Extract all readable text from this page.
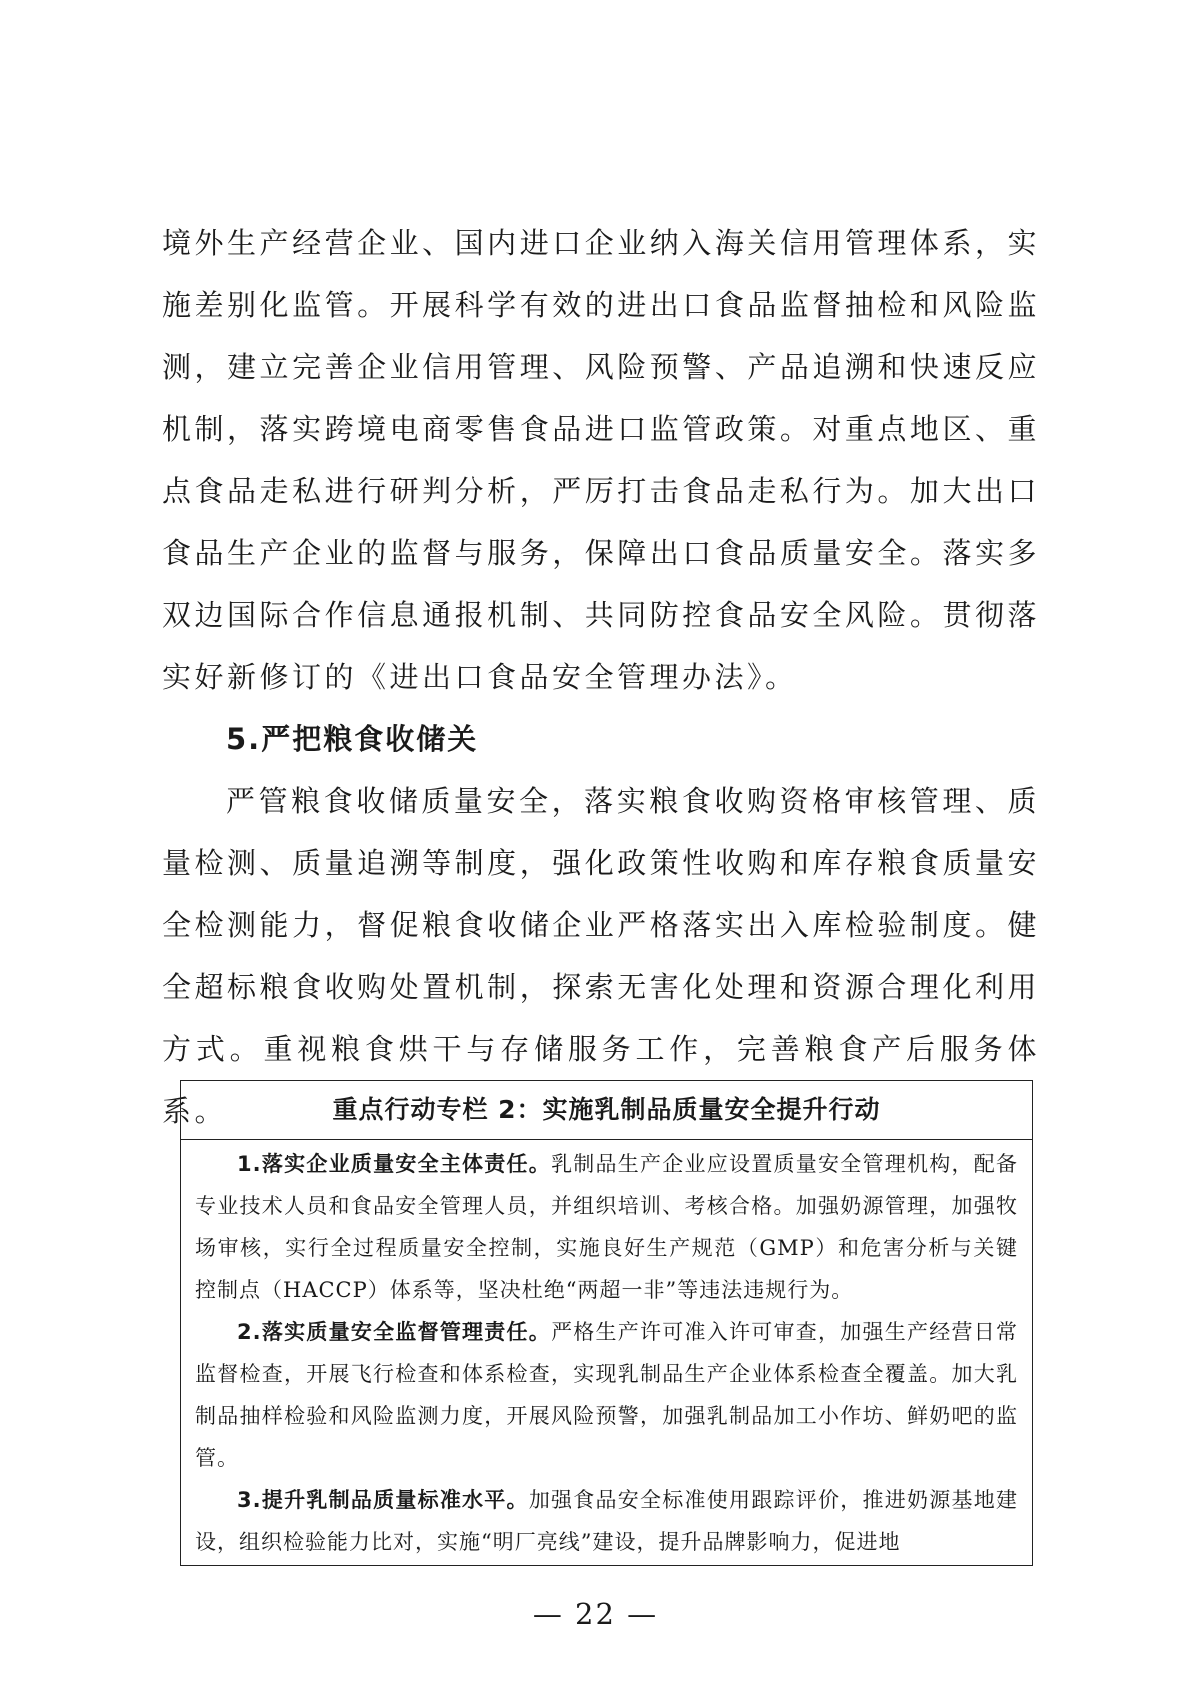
境外生产经营企业、国内进口企业纳入海关信用管理体系，实施差别化监管。开展科学有效的进出口食品监督抽检和风险监测，建立完善企业信用管理、风险预警、产品追溯和快速反应机制，落实跨境电商零售食品进口监管政策。对重点地区、重点食品走私进行研判分析，严厉打击食品走私行为。加大出口食品生产企业的监督与服务，保障出口食品质量安全。落实多双边国际合作信息通报机制、共同防控食品安全风险。贯彻落实好新修订的《进出口食品安全管理办法》。

5.严把粮食收储关

严管粮食收储质量安全，落实粮食收购资格审核管理、质量检测、质量追溯等制度，强化政策性收购和库存粮食质量安全检测能力，督促粮食收储企业严格落实出入库检验制度。健全超标粮食收购处置机制，探索无害化处理和资源合理化利用方式。重视粮食烘干与存储服务工作，完善粮食产后服务体系。	重点行动专栏 2：实施乳制品质量安全提升行动

1.落实企业质量安全主体责任。乳制品生产企业应设置质量安全管理机构，配备专业技术人员和食品安全管理人员，并组织培训、考核合格。加强奶源管理，加强牧场审核，实行全过程质量安全控制，实施良好生产规范（GMP）和危害分析与关键控制点（HACCP）体系等，坚决杜绝“两超一非”等违法违规行为。

2.落实质量安全监督管理责任。严格生产许可准入许可审查，加强生产经营日常监督检查，开展飞行检查和体系检查，实现乳制品生产企业体系检查全覆盖。加大乳制品抽样检验和风险监测力度，开展风险预警，加强乳制品加工小作坊、鲜奶吧的监管。

3.提升乳制品质量标准水平。加强食品安全标准使用跟踪评价，推进奶源基地建设，组织检验能力比对，实施“明厂亮线”建设，提升品牌影响力，促进地

— 22 —
